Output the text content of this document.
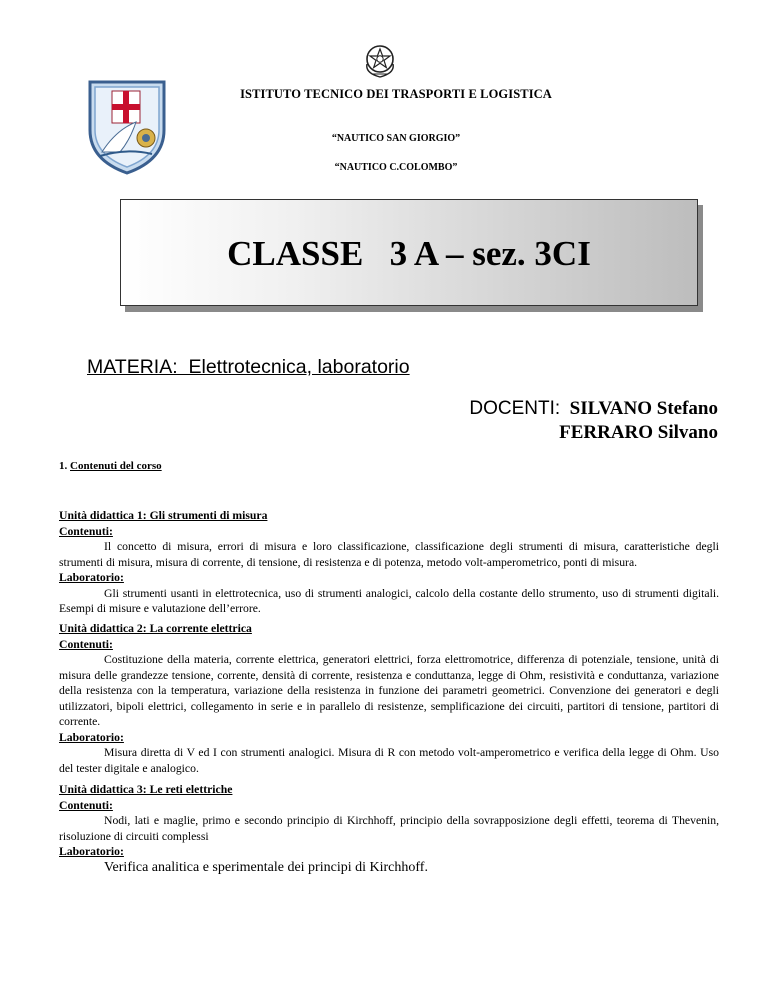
ISTITUTO TECNICO DEI TRASPORTI E LOGISTICA
“NAUTICO SAN GIORGIO”
“NAUTICO C.COLOMBO”
CLASSE   3 A – sez. 3CI
MATERIA:  Elettrotecnica, laboratorio
DOCENTI: SILVANO Stefano
FERRARO Silvano
1. Contenuti del corso
Unità didattica 1: Gli strumenti di misura
Contenuti:

Il concetto di misura, errori di misura e loro classificazione, classificazione degli strumenti di misura, caratteristiche degli strumenti di misura, misura di corrente, di tensione, di resistenza e di potenza, metodo volt-amperometrico, ponti di misura.

Laboratorio:

Gli strumenti usanti in elettrotecnica, uso di strumenti analogici, calcolo della costante dello strumento, uso di strumenti digitali. Esempi di misure e valutazione dell’errore.

Unità didattica 2: La corrente elettrica
Contenuti:

Costituzione della materia, corrente elettrica, generatori elettrici, forza elettromotrice, differenza di potenziale, tensione, unità di misura delle grandezze tensione, corrente, densità di corrente, resistenza e conduttanza, legge di Ohm, resistività e conduttanza, variazione della resistenza con la temperatura, variazione della resistenza in funzione dei parametri geometrici. Convenzione dei generatori e degli utilizzatori, bipoli elettrici, collegamento in serie e in parallelo di resistenze, semplificazione dei circuiti, partitori di tensione, partitori di corrente.

Laboratorio:

Misura diretta di V ed I con strumenti analogici. Misura di R con metodo volt-amperometrico e verifica della legge di Ohm. Uso del tester digitale e analogico.

Unità didattica 3: Le reti elettriche
Contenuti:

Nodi, lati e maglie, primo e secondo principio di Kirchhoff, principio della sovrapposizione degli effetti, teorema di Thevenin, risoluzione di circuiti complessi

Laboratorio:

Verifica analitica e sperimentale dei principi di Kirchhoff.
